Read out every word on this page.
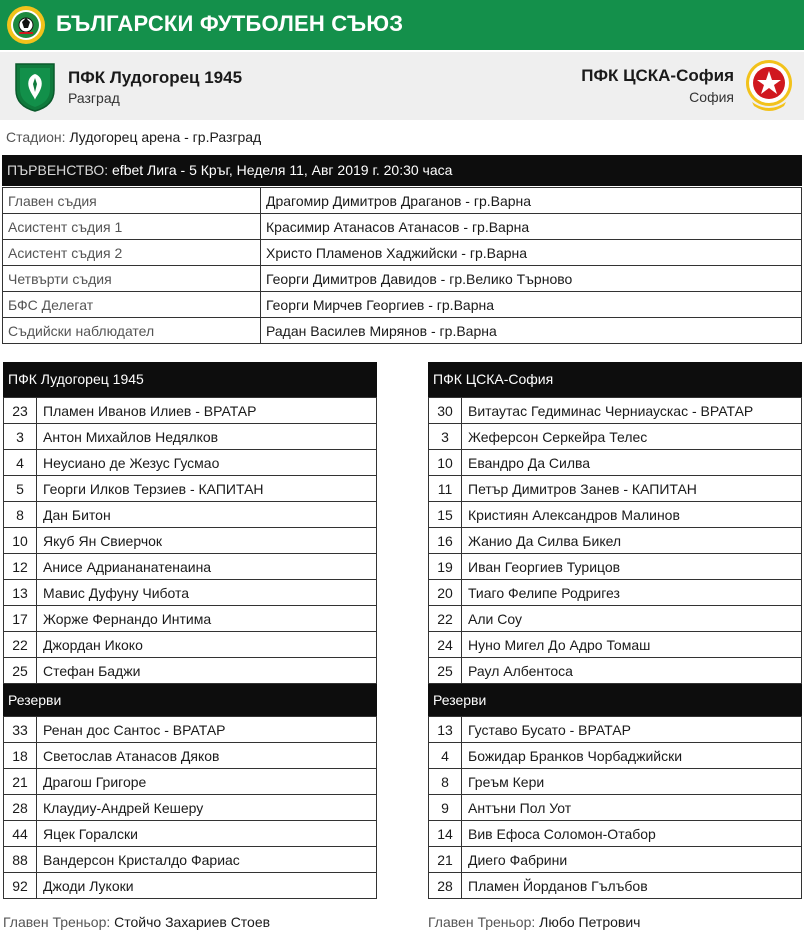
БЪЛГАРСКИ ФУТБОЛЕН СЪЮЗ
ПФК Лудогорец 1945
Разград
ПФК ЦСКА-София
София
Стадион: Лудогорец арена - гр.Разград
ПЪРВЕНСТВО: efbet Лига - 5 Кръг, Неделя 11, Авг 2019 г. 20:30 часа
Главен съдия	Драгомир Димитров Драганов - гр.Варна
Асистент съдия 1	Красимир Атанасов Атанасов - гр.Варна
Асистент съдия 2	Христо Пламенов Хаджийски - гр.Варна
Четвърти съдия	Георги Димитров Давидов - гр.Велико Търново
БФС Делегат	Георги Мирчев Георгиев - гр.Варна
Съдийски наблюдател	Радан Василев Мирянов - гр.Варна
ПФК Лудогорец 1945
23	Пламен Иванов Илиев - ВРАТАР
3	Антон Михайлов Недялков
4	Неусиано де Жезус Гусмао
5	Георги Илков Терзиев - КАПИТАН
8	Дан Битон
10	Якуб Ян Свиерчок
12	Анисе Адриананатенаина
13	Мавис Дуфуну Чибота
17	Жорже Фернандо Интима
22	Джордан Икоко
25	Стефан Баджи
Резерви
33	Ренан дос Сантос - ВРАТАР
18	Светослав Атанасов Дяков
21	Драгош Григоре
28	Клаудиу-Андрей Кешеру
44	Яцек Горалски
88	Вандерсон Кристалдо Фариас
92	Джоди Лукоки
ПФК ЦСКА-София
30	Витаутас Гедиминас Черниаускас - ВРАТАР
3	Жеферсон Серкейра Телес
10	Евандро Да Силва
11	Петър Димитров Занев - КАПИТАН
15	Кристиян Александров Малинов
16	Жанио Да Силва Бикел
19	Иван Георгиев Турицов
20	Тиаго Фелипе Родригез
22	Али Соу
24	Нуно Мигел До Адро Томаш
25	Раул Албентоса
Резерви
13	Густаво Бусато - ВРАТАР
4	Божидар Бранков Чорбаджийски
8	Греъм Кери
9	Антъни Пол Уот
14	Вив Ефоса Соломон-Отабор
21	Диего Фабрини
28	Пламен Йорданов Гълъбов
Главен Треньор: Стойчо Захариев Стоев	Главен Треньор: Любо Петрович
